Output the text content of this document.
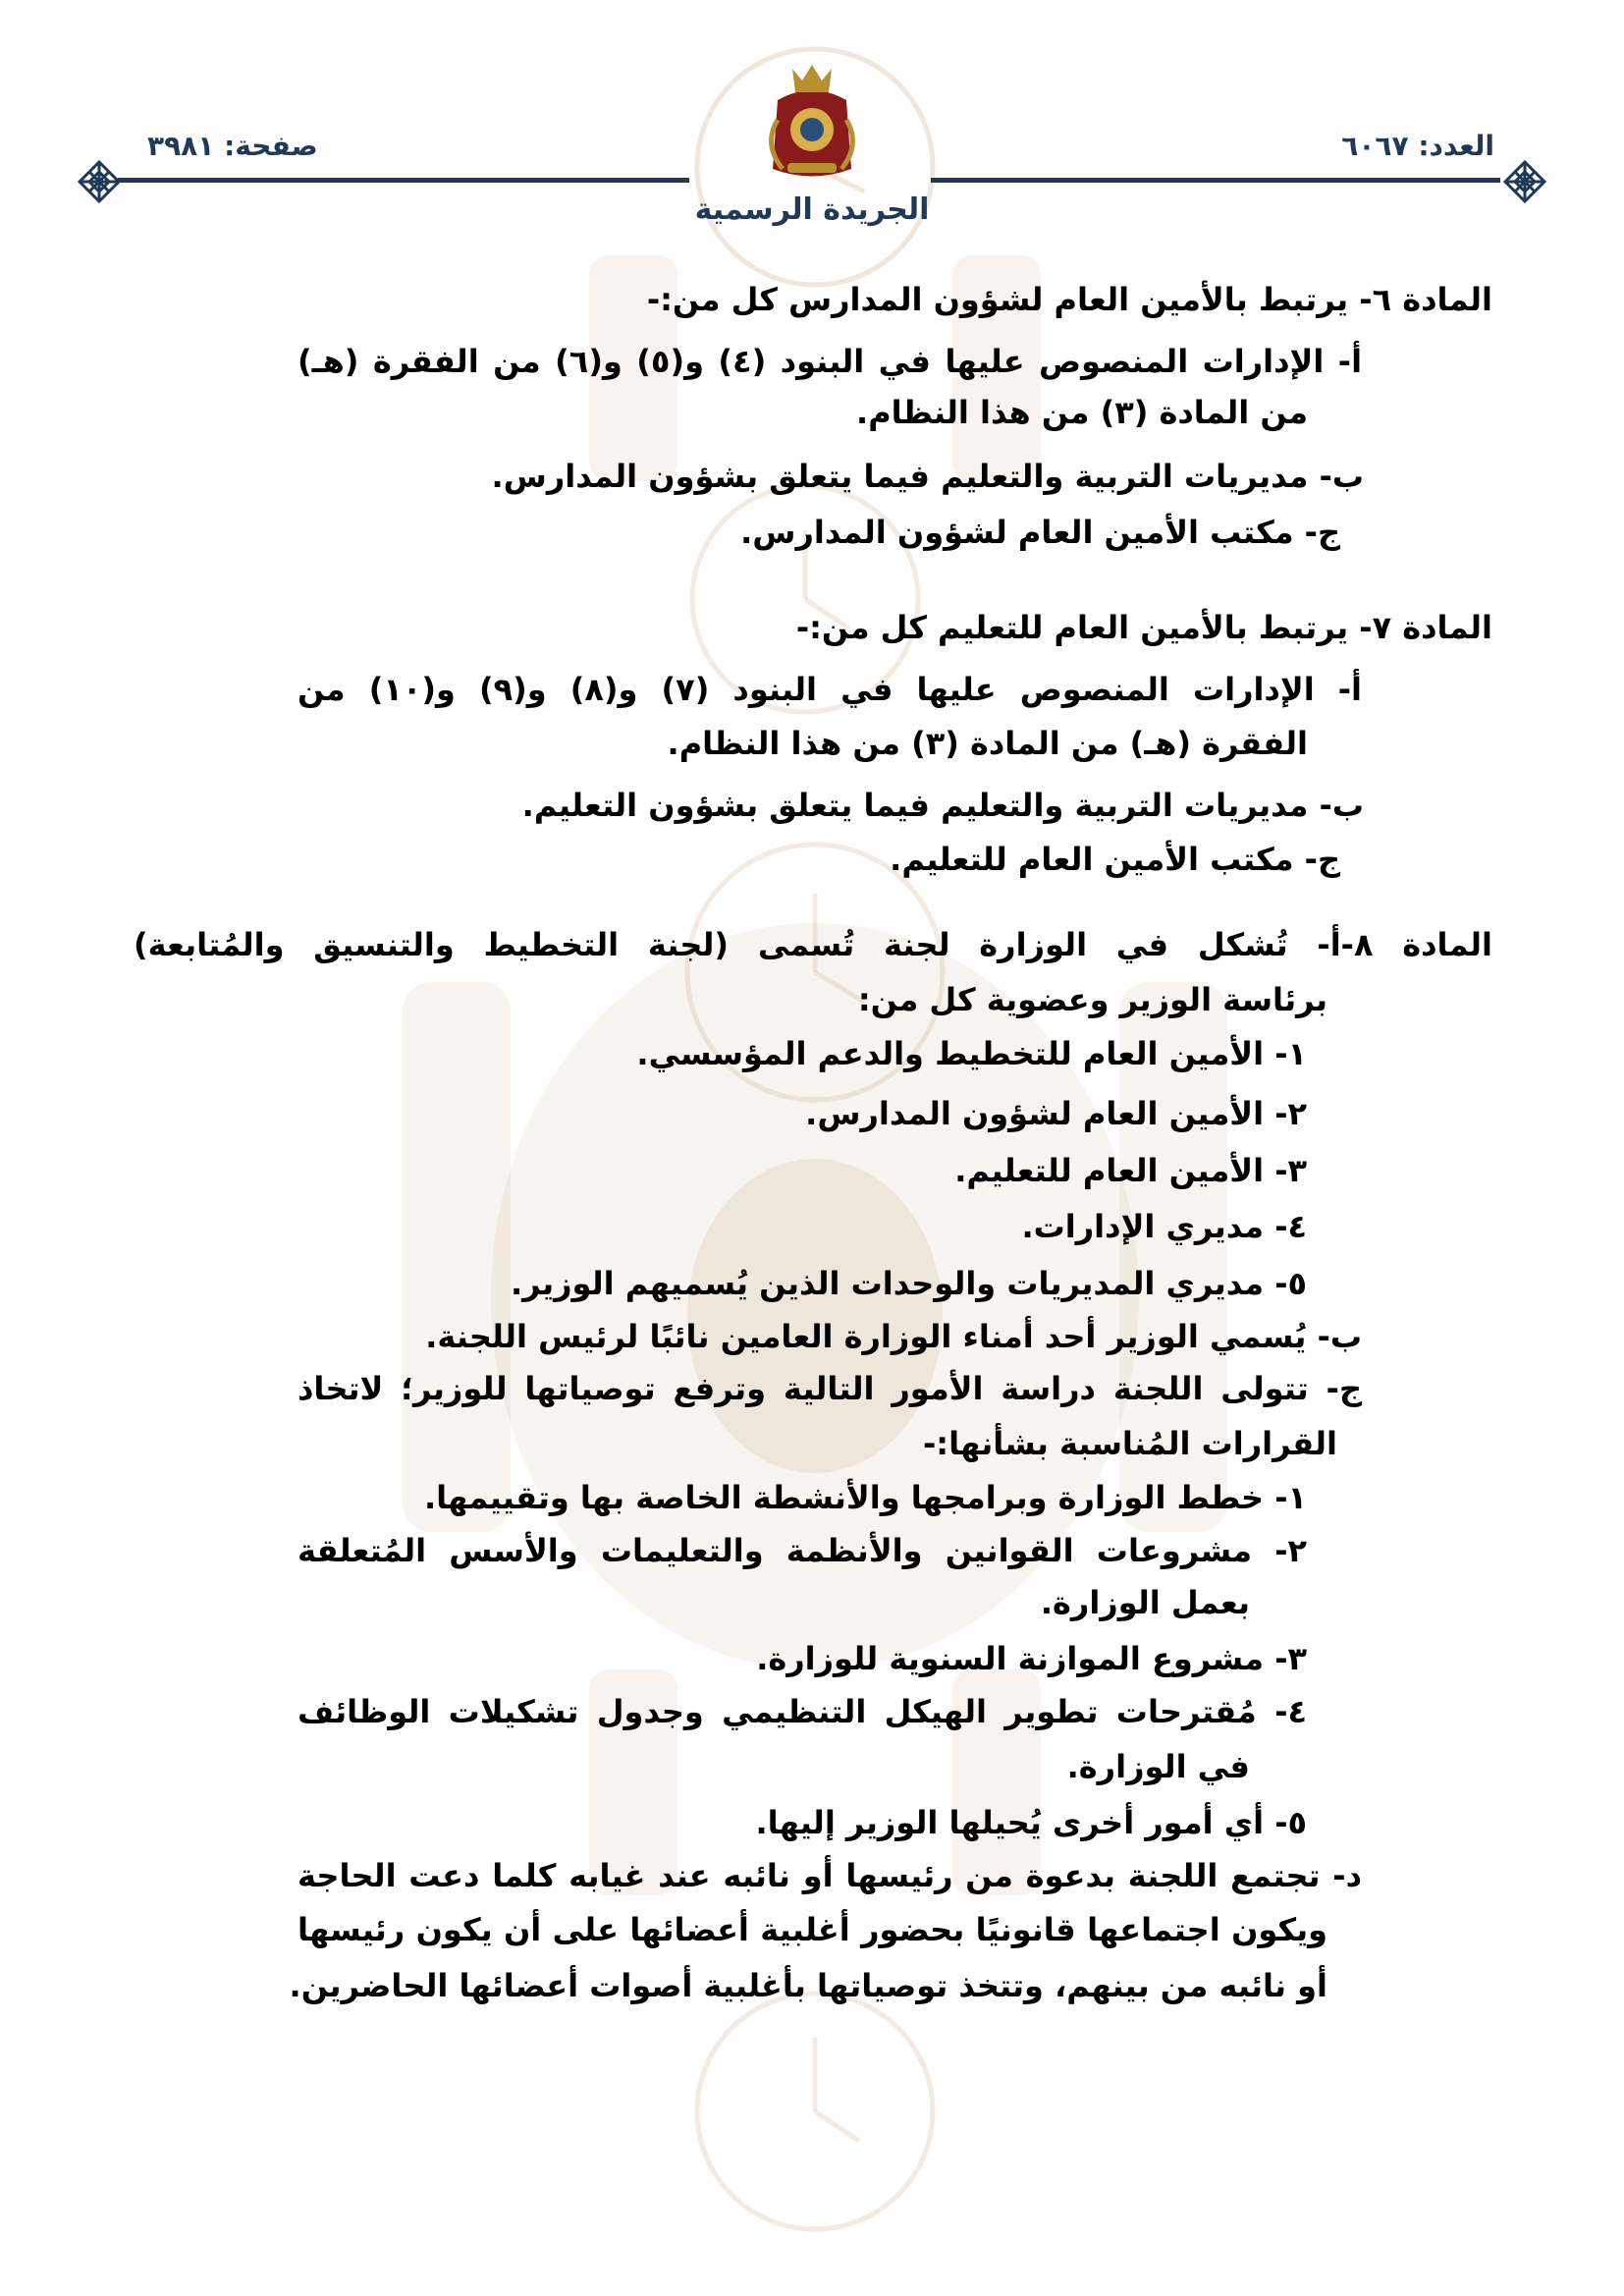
العدد: ٦٠٦٧
صفحة: ٣٩٨١
الجريدة الرسمية
المادة ٦- يرتبط بالأمين العام لشؤون المدارس كل من:-
أ- الإدارات المنصوص عليها في البنود (٤) و(٥) و(٦) من الفقرة (هـ)
من المادة (٣) من هذا النظام.
ب- مديريات التربية والتعليم فيما يتعلق بشؤون المدارس.
ج- مكتب الأمين العام لشؤون المدارس.
المادة ٧- يرتبط بالأمين العام للتعليم كل من:-
أ- الإدارات المنصوص عليها في البنود (٧) و(٨) و(٩) و(١٠) من
الفقرة (هـ) من المادة (٣) من هذا النظام.
ب- مديريات التربية والتعليم فيما يتعلق بشؤون التعليم.
ج- مكتب الأمين العام للتعليم.
المادة ٨-أ- تُشكل في الوزارة لجنة تُسمى (لجنة التخطيط والتنسيق والمُتابعة)
برئاسة الوزير وعضوية كل من:
١- الأمين العام للتخطيط والدعم المؤسسي.
٢- الأمين العام لشؤون المدارس.
٣- الأمين العام للتعليم.
٤- مديري الإدارات.
٥- مديري المديريات والوحدات الذين يُسميهم الوزير.
ب- يُسمي الوزير أحد أمناء الوزارة العامين نائبًا لرئيس اللجنة.
ج- تتولى اللجنة دراسة الأمور التالية وترفع توصياتها للوزير؛ لاتخاذ
القرارات المُناسبة بشأنها:-
١- خطط الوزارة وبرامجها والأنشطة الخاصة بها وتقييمها.
٢- مشروعات القوانين والأنظمة والتعليمات والأسس المُتعلقة
بعمل الوزارة.
٣- مشروع الموازنة السنوية للوزارة.
٤- مُقترحات تطوير الهيكل التنظيمي وجدول تشكيلات الوظائف
في الوزارة.
٥- أي أمور أخرى يُحيلها الوزير إليها.
د- تجتمع اللجنة بدعوة من رئيسها أو نائبه عند غيابه كلما دعت الحاجة
ويكون اجتماعها قانونيًا بحضور أغلبية أعضائها على أن يكون رئيسها
أو نائبه من بينهم، وتتخذ توصياتها بأغلبية أصوات أعضائها الحاضرين.
